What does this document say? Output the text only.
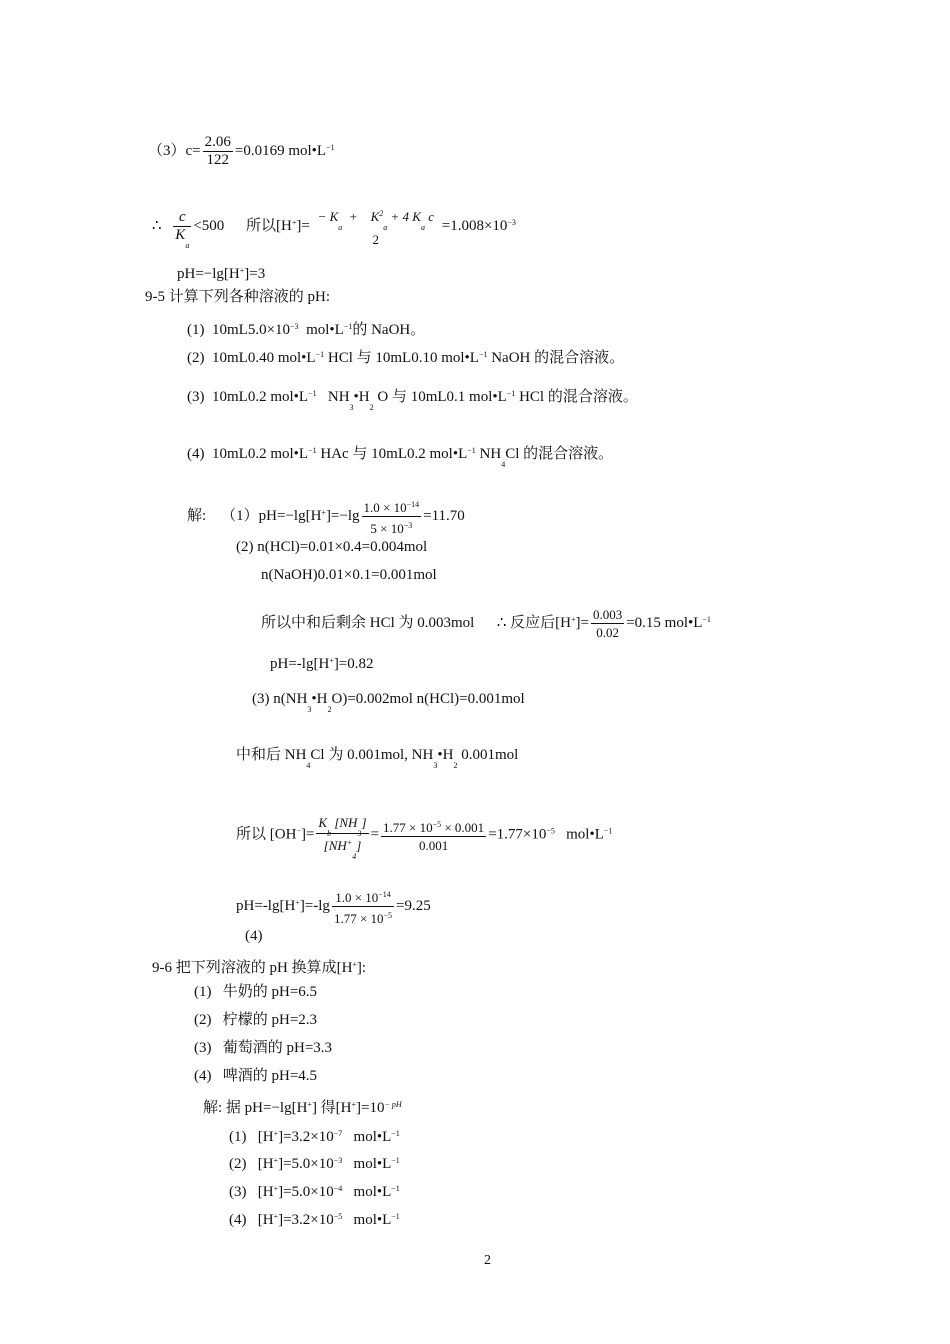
$(3)c= \frac{2.06}{122} =0.0169$ $mol•L^{-1}$
∴ $\frac{c}{K_a} <500$ 所以[H+]=
− $K_a + K^2_a + 4$ $K_a$ c
2
$=1.008\times 10^{-3}$
pH=−lg[H+]=3
9-5 计算下列各种溶液的 pH:
(1) $10mL5.0\times 10^{-3}$ $mol•L^{-1}$的 NaOH。
(2) 10mL0.40 $mol•L^{-1}$ HCl 与 10mL0.10 $mol•L^{-1}$ NaOH 的混合溶液。
(3) 10mL0.2 $mol•L^{-1}$ $NH_3•H_2$ O 与 10mL0.1 $mol•L^{-1}$ HCl 的混合溶液。
(4) 10mL0.2 $mol•L^{-1}$ HAc 与 10mL0.2 $mol•L^{-1}$ $NH_4Cl$ 的混合溶液。
解: $(1)pH=-\lg[H^+]=-\lg \frac{1.0 \times 10^{-14}}{5 \times 10^{-3}} =11.70$
(2) n(HCl)=0.01×0.4=0.004mol
n(NaOH)0.01×0.1=0.001mol
所以中和后剩余 HCl 为 0.003mol ∴ 反应后$[H^+]= \frac{0.003}{0.02} =0.15$ $mol•L^{-1}$
pH=-lg[H+]=0.82
(3) $n(NH_3•H_2O)=0.002mol$ n(HCl)=0.001mol
中和后 $NH_4Cl$ 为 0.001mol, $NH_3•H_2$ 0.001mol
所以 $[OH^-]= \frac{K_b [NH_3]}{[NH^+_4]} = \frac{1.77 \times 10^{-5} \times 0.001}{0.001} =1.77\times 10^{-5}$ $mol•L^{-1}$
$pH=-\lg[H^+]=-\lg \frac{1.0 \times 10^{-14}}{1.77 \times 10^{-5}} =9.25$
(4)
9-6 把下列溶液的 pH 换算成[H+]:
(1) 牛奶的 pH=6.5
(2) 柠檬的 pH=2.3
(3) 葡萄酒的 pH=3.3
(4) 啤酒的 pH=4.5
解: 据 pH=−lg[H+] 得$[H^+]=10^{- pH}$
(1) $[H^+]=3.2\times 10^{-7}$ $mol•L^{-1}$
(2) $[H^+]=5.0\times 10^{-3}$ $mol•L^{-1}$
(3) $[H^+]=5.0\times 10^{-4}$ $mol•L^{-1}$
(4) $[H^+]=3.2\times 10^{-5}$ $mol•L^{-1}$
2
